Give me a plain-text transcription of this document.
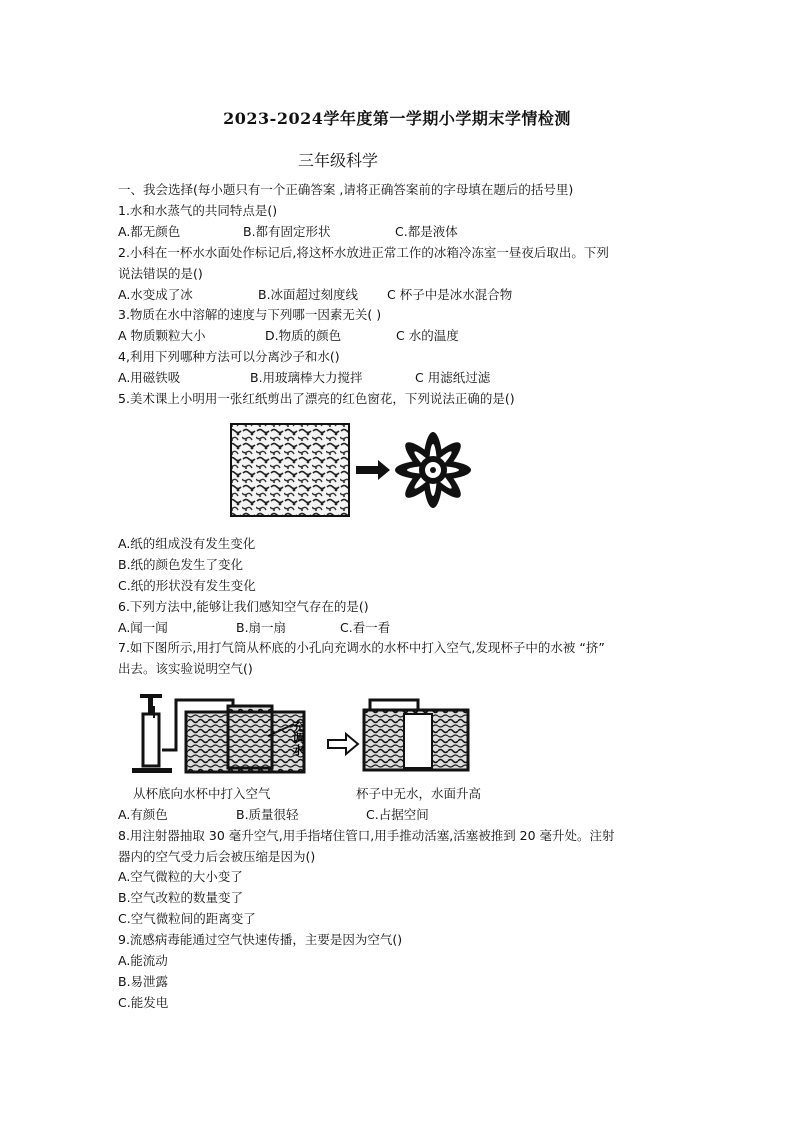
2023-2024学年度第一学期小学期末学情检测
三年级科学
一、我会选择(每小题只有一个正确答案 ,请将正确答案前的字母填在题后的括号里)
1.水和水蒸气的共同特点是()
A.都无颜色	B.都有固定形状	C.都是液体
2.小科在一杯水水面处作标记后,将这杯水放进正常工作的冰箱冷冻室一昼夜后取出。下列
说法错误的是()
A.水变成了冰	B.冰面超过刻度线 C 杯子中是冰水混合物
3.物质在水中溶解的速度与下列哪一因素无关( )
A 物质颗粒大小	D.物质的颜色	C 水的温度
4,利用下列哪种方法可以分离沙子和水()
A.用磁铁吸	B.用玻璃棒大力搅拌	C 用滤纸过滤
5.美术课上小明用一张红纸剪出了漂亮的红色窗花，下列说法正确的是()
A.纸的组成没有发生变化
B.纸的颜色发生了变化
C.纸的形状没有发生变化
6.下列方法中,能够让我们感知空气存在的是()
A.闻一闻	B.扇一扇	C.看一看
7.如下图所示,用打气筒从杯底的小孔向充调水的水杯中打入空气,发现杯子中的水被 “挤”
出去。该实验说明空气()
充调水
从杯底向水杯中打入空气	杯子中无水，水面升高
A.有颜色	B.质量很轻	C.占据空间
8.用注射器抽取 30 毫升空气,用手指堵住管口,用手推动活塞,活塞被推到 20 毫升处。注射
器内的空气受力后会被压缩是因为()
A.空气微粒的大小变了
B.空气改粒的数量变了
C.空气微粒间的距离变了
9.流感病毒能通过空气快速传播，主要是因为空气()
A.能流动
B.易泄露
C.能发电
